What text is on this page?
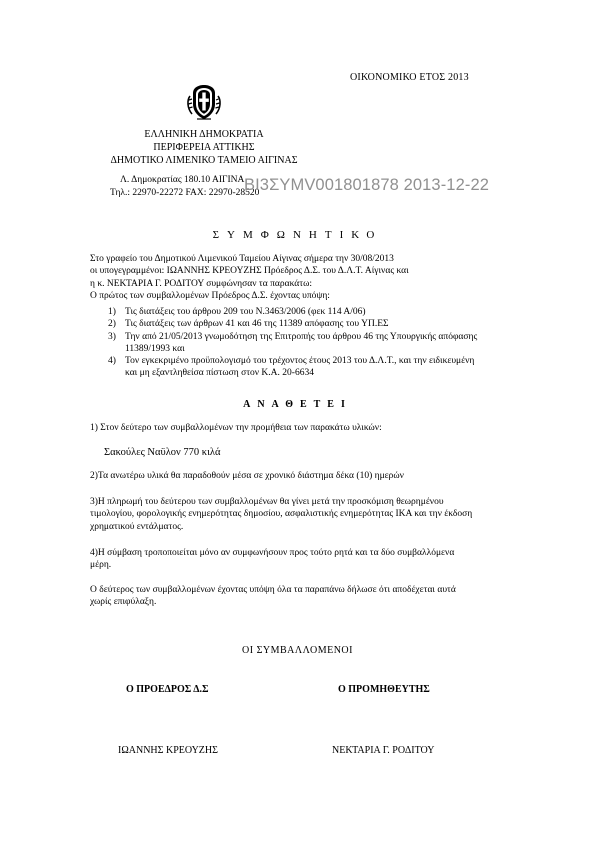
ΟΙΚΟΝΟΜΙΚΟ ΕΤΟΣ 2013
ΕΛΛΗΝΙΚΗ ΔΗΜΟΚΡΑΤΙΑ
ΠΕΡΙΦΕΡΕΙΑ ΑΤΤΙΚΗΣ
ΔΗΜΟΤΙΚΟ ΛΙΜΕΝΙΚΟ ΤΑΜΕΙΟ ΑΙΓΙΝΑΣ
Λ. Δημοκρατίας 180.10 ΑΙΓΙΝΑ
Τηλ.: 22970-22272 FAX: 22970-28520
ΒΙ3ΣΥΜV001801878 2013-12-22
ΣΥΜΦΩΝΗΤΙΚΟ
Στο γραφείο του Δημοτικού Λιμενικού Ταμείου Αίγινας σήμερα την 30/08/2013
οι υπογεγραμμένοι: ΙΩΑΝΝΗΣ ΚΡΕΟΥΖΗΣ Πρόεδρος Δ.Σ. του Δ.Λ.Τ. Αίγινας και
η κ. ΝΕΚΤΑΡΙΑ Γ. ΡΟΔΙΤΟΥ συμφώνησαν τα παρακάτω:
Ο πρώτος των συμβαλλομένων Πρόεδρος Δ.Σ. έχοντας υπόψη:
1) Τις διατάξεις του άρθρου 209 του Ν.3463/2006 (φεκ 114 Α/06)
2) Τις διατάξεις των άρθρων 41 και 46 της 11389 απόφασης του ΥΠ.ΕΣ
3) Την από 21/05/2013 γνωμοδότηση της Επιτροπής του άρθρου 46 της Υπουργικής απόφασης
11389/1993 και
4) Τον εγκεκριμένο προϋπολογισμό του τρέχοντος έτους 2013 του Δ.Λ.Τ., και την ειδικευμένη
και μη εξαντληθείσα πίστωση στον Κ.Α. 20-6634
ΑΝΑΘΕΤΕΙ
1) Στον δεύτερο των συμβαλλομένων την προμήθεια των παρακάτω υλικών:
Σακούλες Ναϋλον 770 κιλά
2)Τα ανωτέρω υλικά θα παραδοθούν μέσα σε χρονικό διάστημα δέκα (10) ημερών
3)Η πληρωμή του δεύτερου των συμβαλλομένων θα γίνει μετά την προσκόμιση θεωρημένου
τιμολογίου, φορολογικής ενημερότητας δημοσίου, ασφαλιστικής ενημερότητας ΙΚΑ και την έκδοση
χρηματικού εντάλματος.
4)Η σύμβαση τροποποιείται μόνο αν συμφωνήσουν προς τούτο ρητά και τα δύο συμβαλλόμενα
μέρη.
Ο δεύτερος των συμβαλλομένων έχοντας υπόψη όλα τα παραπάνω δήλωσε ότι αποδέχεται αυτά
χωρίς επιφύλαξη.
ΟΙ ΣΥΜΒΑΛΛΟΜΕΝΟΙ
Ο ΠΡΟΕΔΡΟΣ Δ.Σ	Ο ΠΡΟΜΗΘΕΥΤΗΣ
ΙΩΑΝΝΗΣ ΚΡΕΟΥΖΗΣ	ΝΕΚΤΑΡΙΑ Γ. ΡΟΔΙΤΟΥ
